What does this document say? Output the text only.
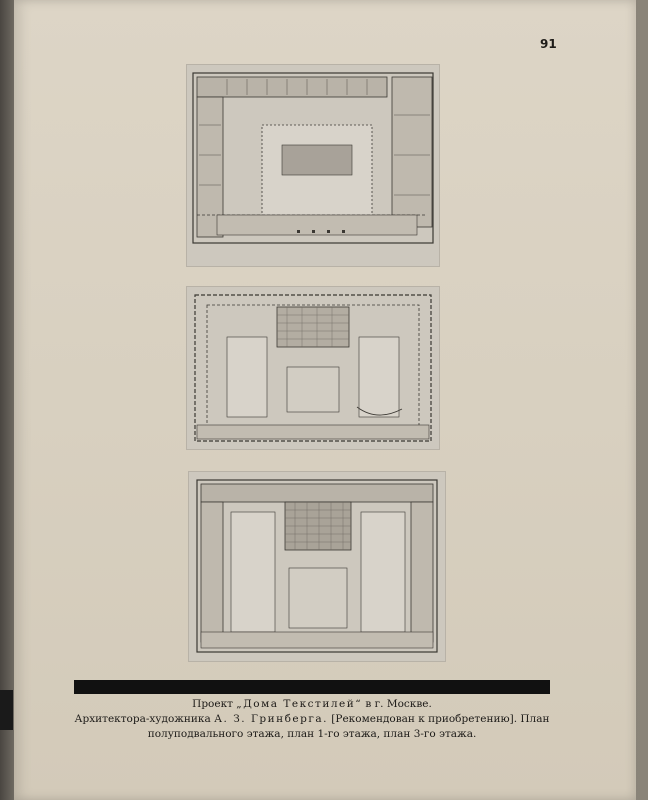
91
Проект „Дома Текстилей“ в г. Москве.
Архитектора-художника А. З. Гринберга. [Рекомендован к приобретению]. План
полуподвального этажа, план 1-го этажа, план 3-го этажа.
